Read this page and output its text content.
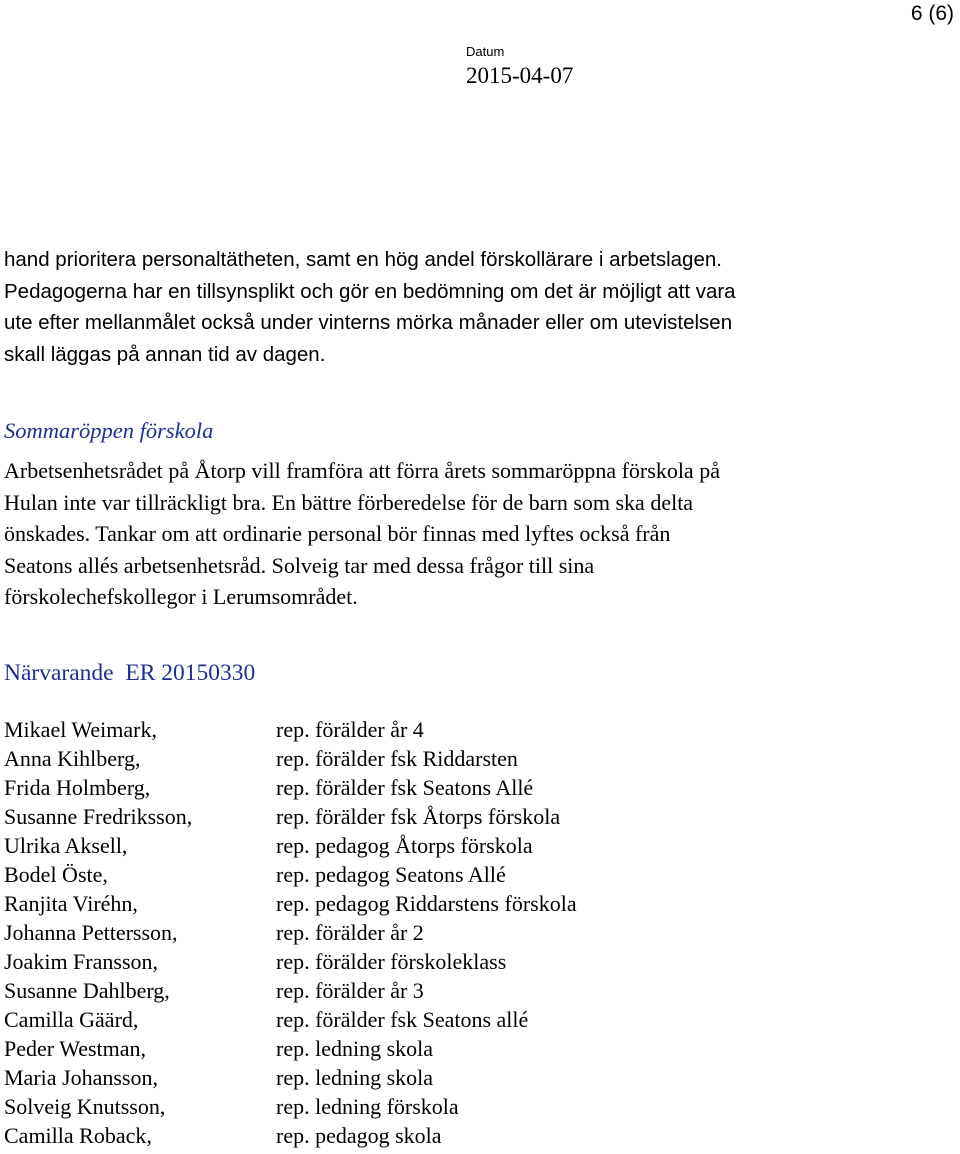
6 (6)
Datum
2015-04-07
hand prioritera personaltätheten, samt en hög andel förskollärare i arbetslagen.
Pedagogerna har en tillsynsplikt och gör en bedömning om det är möjligt att vara
ute efter mellanmålet också under vinterns mörka månader eller om utevistelsen
skall läggas på annan tid av dagen.
Sommaröppen förskola
Arbetsenhetsrådet på Åtorp vill framföra att förra årets sommaröppna förskola på
Hulan inte var tillräckligt bra. En bättre förberedelse för de barn som ska delta
önskades. Tankar om att ordinarie personal bör finnas med lyftes också från
Seatons allés arbetsenhetsråd. Solveig tar med dessa frågor till sina
förskolechefskollegor i Lerumsområdet.
Närvarande  ER 20150330
Mikael Weimark,	rep. förälder år 4
Anna Kihlberg,	rep. förälder fsk Riddarsten
Frida Holmberg,	rep. förälder fsk Seatons Allé
Susanne Fredriksson,	rep. förälder fsk Åtorps förskola
Ulrika Aksell,	rep. pedagog Åtorps förskola
Bodel Öste,	rep. pedagog Seatons Allé
Ranjita Viréhn,	rep. pedagog Riddarstens förskola
Johanna Pettersson,	rep. förälder år 2
Joakim Fransson,	rep. förälder förskoleklass
Susanne Dahlberg,	rep. förälder år 3
Camilla Gäärd,	rep. förälder fsk Seatons allé
Peder Westman,	rep. ledning skola
Maria Johansson,	rep. ledning skola
Solveig Knutsson,	rep. ledning förskola
Camilla Roback,	rep. pedagog skola
